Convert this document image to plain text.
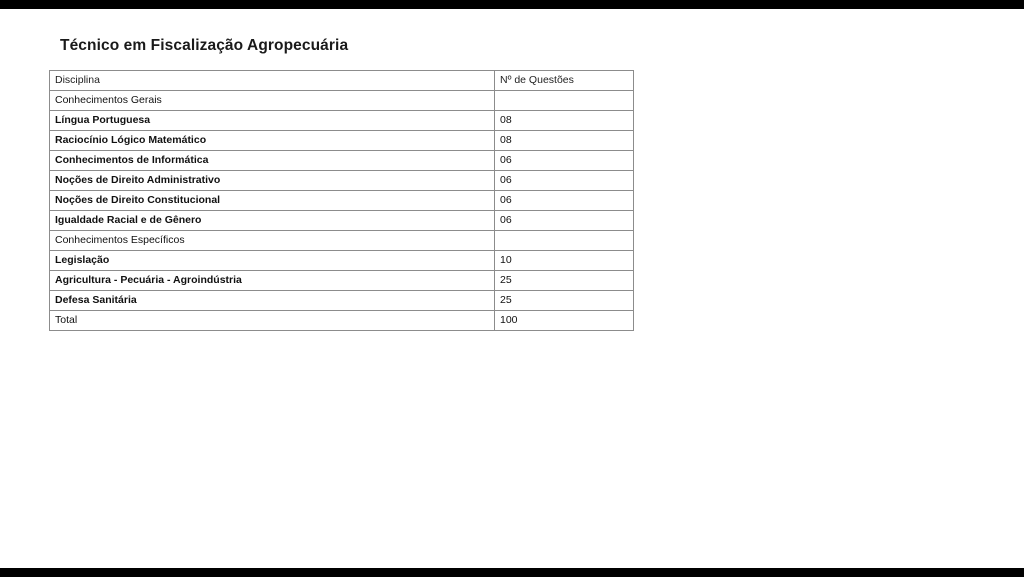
Técnico em Fiscalização Agropecuária
Disciplina	Nº de Questões
Conhecimentos Gerais	
Língua Portuguesa	08
Raciocínio Lógico Matemático	08
Conhecimentos de Informática	06
Noções de Direito Administrativo	06
Noções de Direito Constitucional	06
Igualdade Racial e de Gênero	06
Conhecimentos Específicos	
Legislação	10
Agricultura - Pecuária - Agroindústria	25
Defesa Sanitária	25
Total	100
